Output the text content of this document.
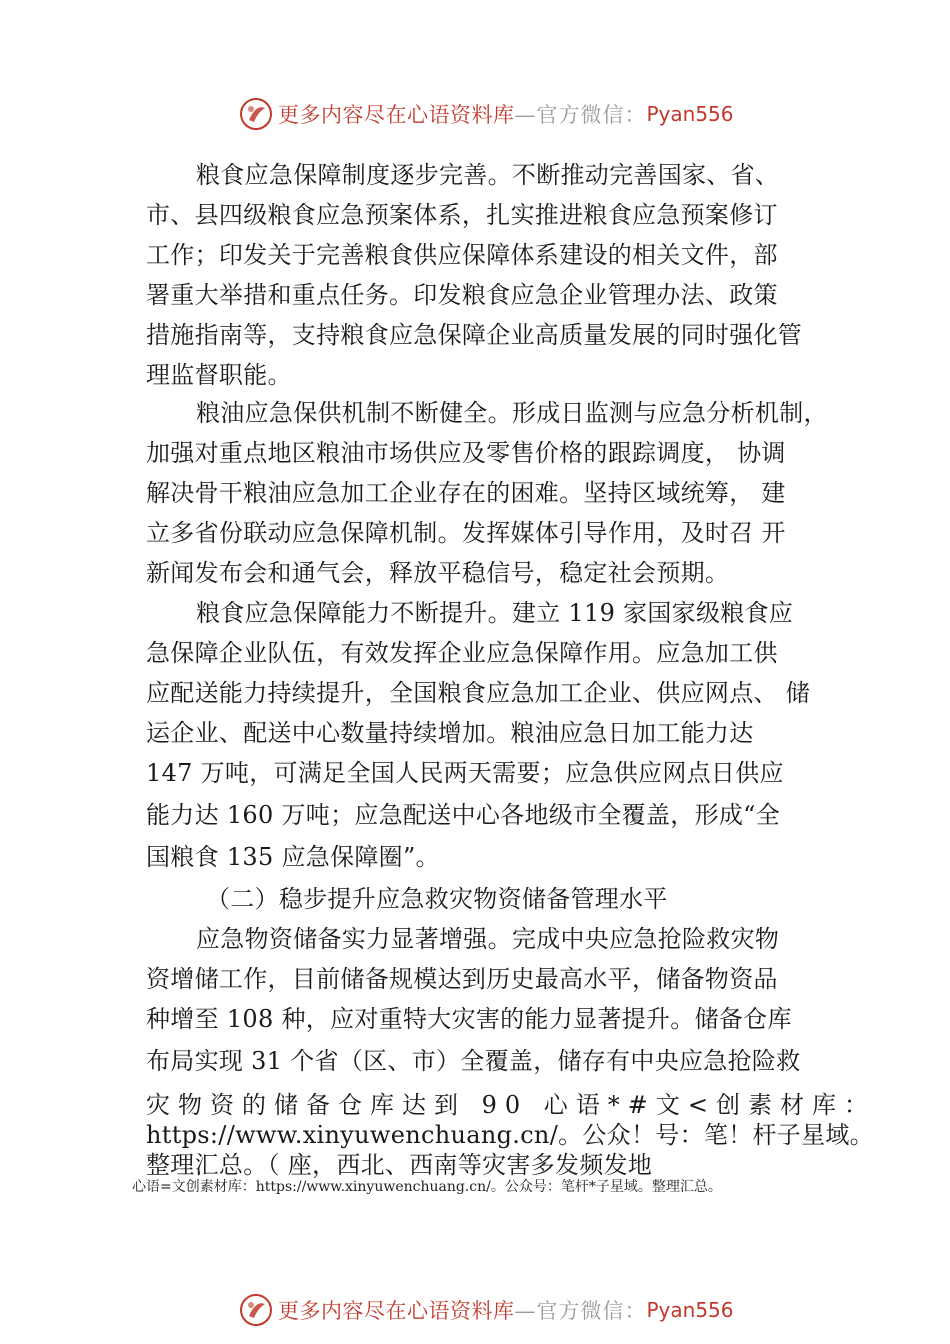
更多内容尽在心语资料库 —官方微信： Pyan556

粮食应急保障制度逐步完善。不断推动完善国家、省、

市、县四级粮食应急预案体系，扎实推进粮食应急预案修订

工作；印发关于完善粮食供应保障体系建设的相关文件，部

署重大举措和重点任务。印发粮食应急企业管理办法、政策

措施指南等，支持粮食应急保障企业高质量发展的同时强化管

理监督职能。

粮油应急保供机制不断健全。形成日监测与应急分析机制，

加强对重点地区粮油市场供应及零售价格的跟踪调度， 协调

解决骨干粮油应急加工企业存在的困难。坚持区域统筹， 建

立多省份联动应急保障机制。发挥媒体引导作用，及时召 开

新闻发布会和通气会，释放平稳信号，稳定社会预期。

粮食应急保障能力不断提升。建立 119 家国家级粮食应

急保障企业队伍，有效发挥企业应急保障作用。应急加工供

应配送能力持续提升，全国粮食应急加工企业、供应网点、 储

运企业、配送中心数量持续增加。粮油应急日加工能力达

147 万吨，可满足全国人民两天需要；应急供应网点日供应

能力达 160 万吨；应急配送中心各地级市全覆盖，形成“全

国粮食 135 应急保障圈”。

（二）稳步提升应急救灾物资储备管理水平

应急物资储备实力显著增强。完成中央应急抢险救灾物

资增储工作，目前储备规模达到历史最高水平，储备物资品

种增至 108 种，应对重特大灾害的能力显著提升。储备仓库

布局实现 31 个省（区、市）全覆盖，储存有中央应急抢险救

灾物资的储备仓库达到 90 心语*#文<创素材库：

https://www.xinyuwenchuang.cn/。公众！号：笔！杆子星域。

整理汇总。（ 座，西北、西南等灾害多发频发地

心语=文创素材库：https://www.xinyuwenchuang.cn/。公众号：笔杆*子星域。整理汇总。

更多内容尽在心语资料库 —官方微信： Pyan556
